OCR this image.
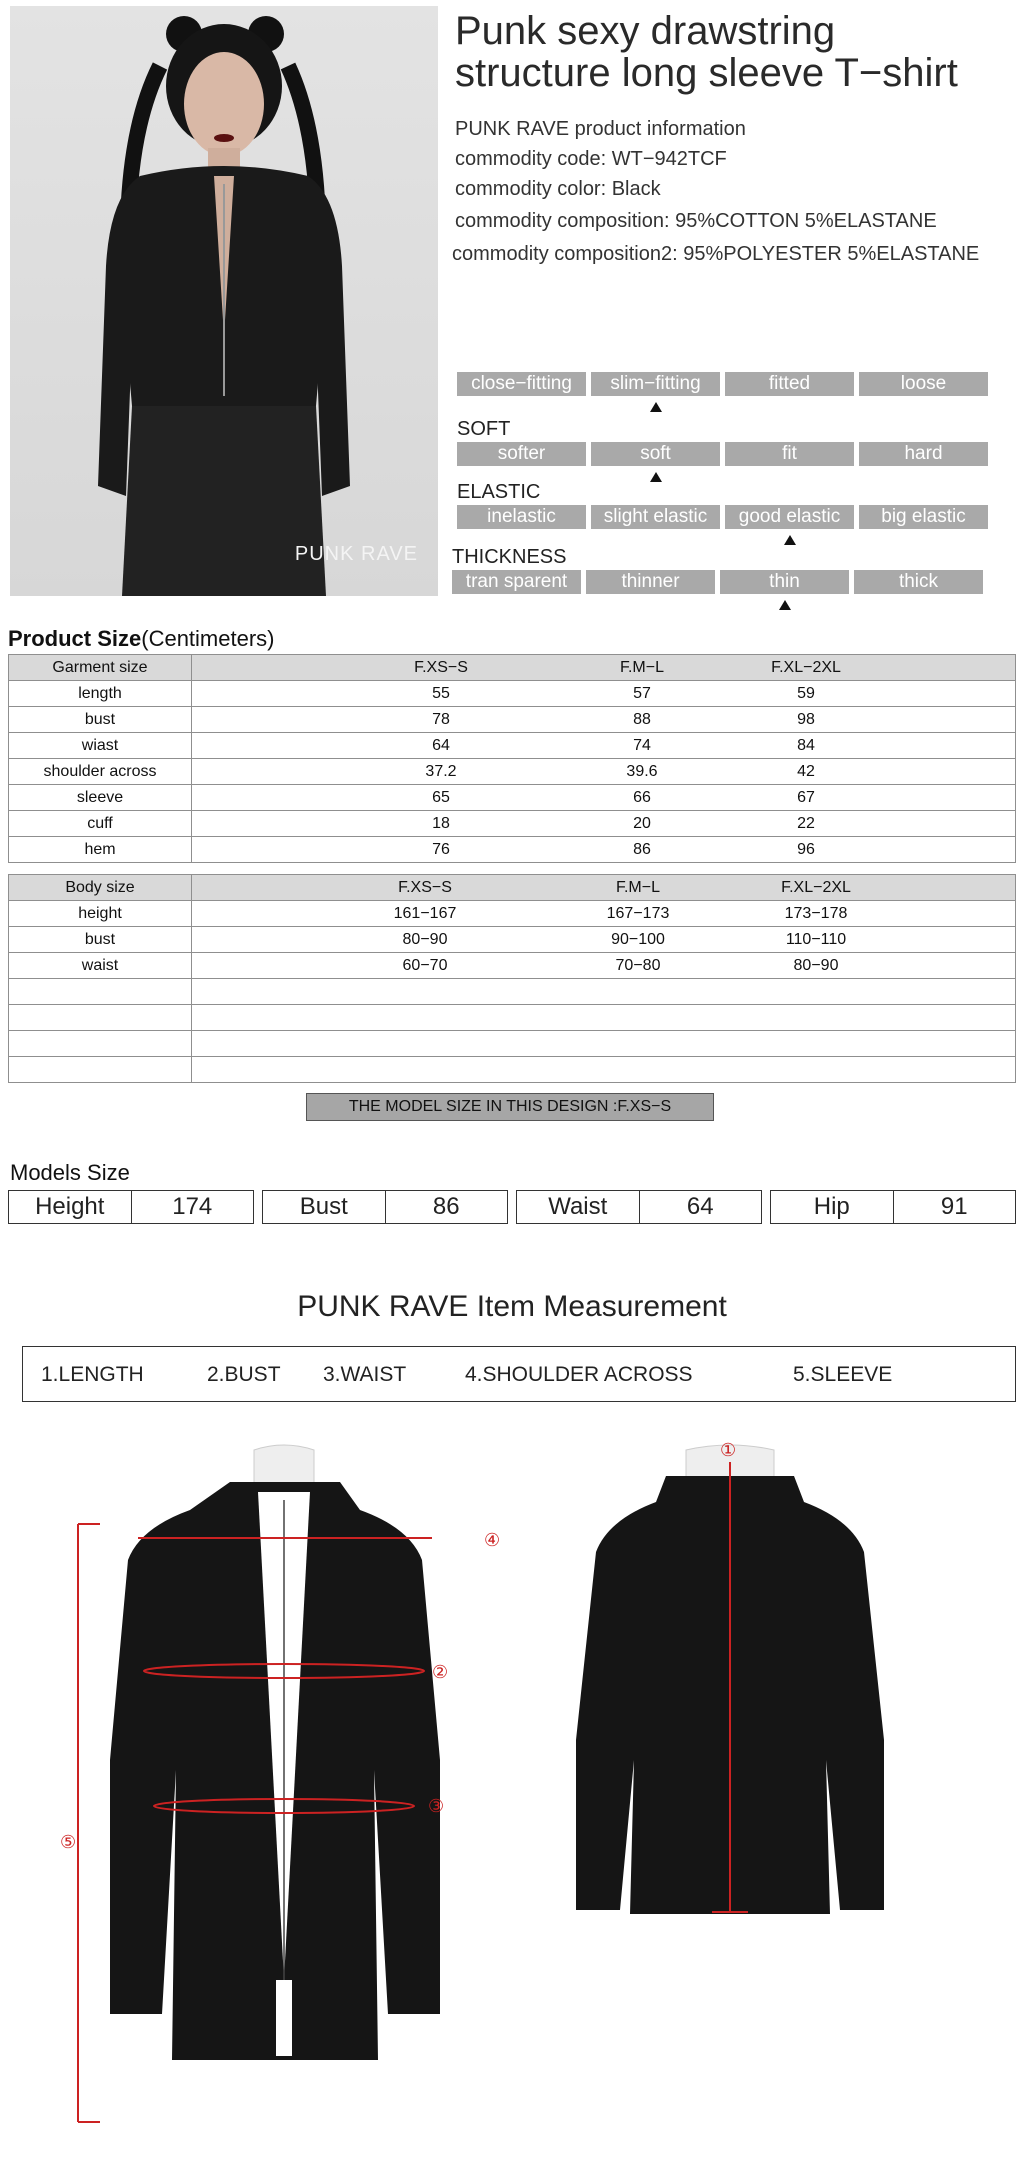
PUNK RAVE
Punk sexy drawstring
structure long sleeve T−shirt
PUNK RAVE product information
commodity code: WT−942TCF
commodity color: Black
commodity composition: 95%COTTON 5%ELASTANE
commodity composition2: 95%POLYESTER 5%ELASTANE
close−fitting	slim−fitting	fitted	loose
SOFT
softer	soft	fit	hard
ELASTIC
inelastic	slight elastic	good elastic	big elastic
THICKNESS
tran sparent	thinner	thin	thick
Product Size(Centimeters)
Garment size	F.XS−S F.M−L F.XL−2XL

length	55 57 59

bust	78 88 98

wiast	64 74 84

shoulder across	37.2 39.6 42

sleeve	65 66 67

cuff	18 20 22

hem	76 86 96
Body size	F.XS−S F.M−L F.XL−2XL

height	161−167 167−173 173−178

bust	80−90 90−100 110−110

waist	60−70 70−80 80−90

THE MODEL SIZE IN THIS DESIGN :F.XS−S
Models Size
Height	174	Bust	86	Waist	64	Hip	91
PUNK RAVE Item Measurement
1.LENGTH	2.BUST 3.WAIST	4.SHOULDER ACROSS	5.SLEEVE
④
②
③
⑤
①
